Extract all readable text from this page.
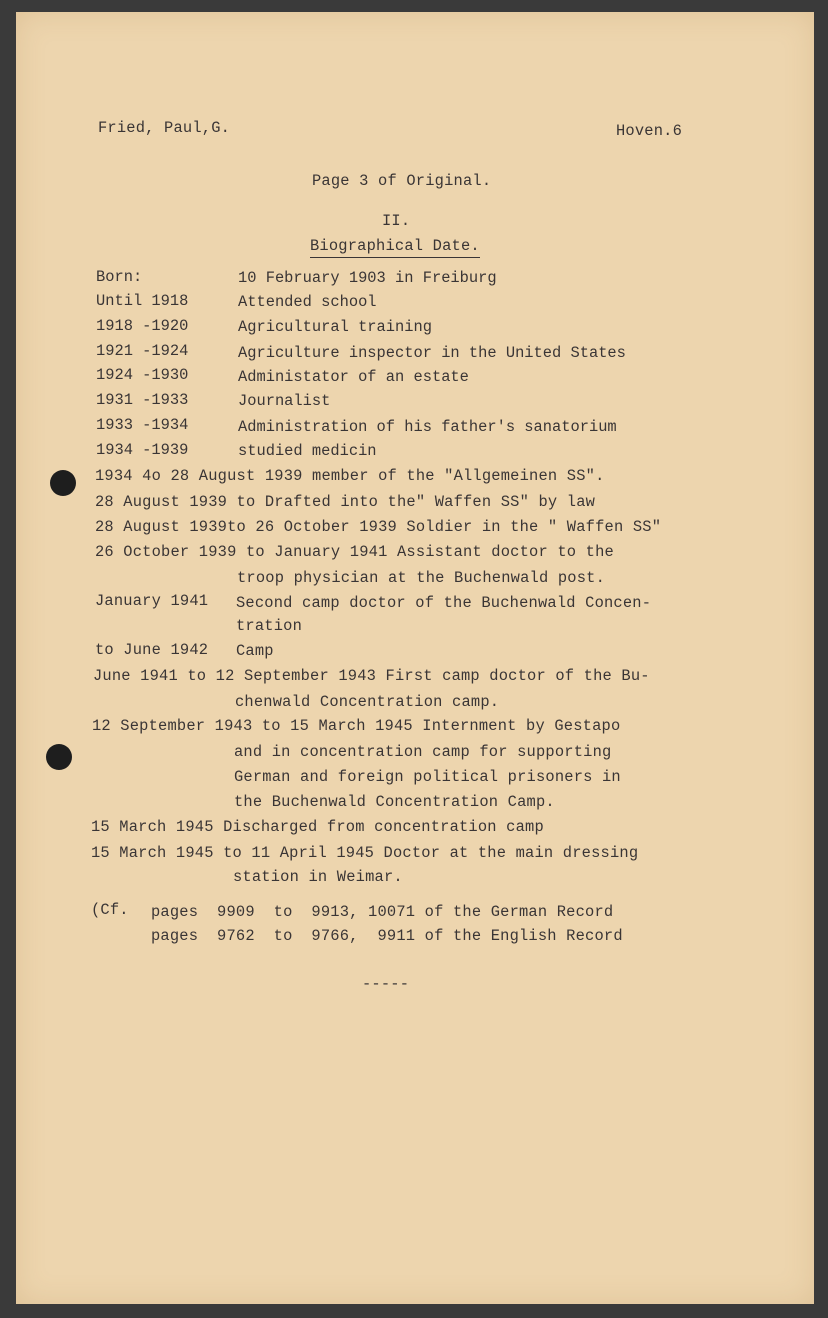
Fried, Paul,G.	Hoven.6
Page 3 of Original.
II.
Biographical Date.
Born:	10 February 1903 in Freiburg
Until 1918	Attended school
1918 -1920	Agricultural training
1921 -1924	Agriculture inspector in the United States
1924 -1930	Administator of an estate
1931 -1933	Journalist
1933 -1934	Administration of his father's sanatorium
1934 -1939	studied medicin
1934 4o 28 August 1939 member of the "Allgemeinen SS".
28 August 1939 to Drafted into the" Waffen SS" by law
28 August 1939to 26 October 1939 Soldier in the " Waffen SS"
26 October 1939 to January 1941 Assistant doctor to the
troop physician at the Buchenwald post.
January 1941 Second camp doctor of the Buchenwald Concen-
tration
to June 1942 Camp
June 1941 to 12 September 1943 First camp doctor of the Bu-
chenwald Concentration camp.
12 September 1943 to 15 March 1945 Internment by Gestapo
and in concentration camp for supporting
German and foreign political prisoners in
the Buchenwald Concentration Camp.
15 March 1945 Discharged from concentration camp
15 March 1945 to 11 April 1945 Doctor at the main dressing
station in Weimar.
(Cf. pages  9909  to  9913, 10071 of the German Record
pages  9762  to  9766,  9911 of the English Record
-----
